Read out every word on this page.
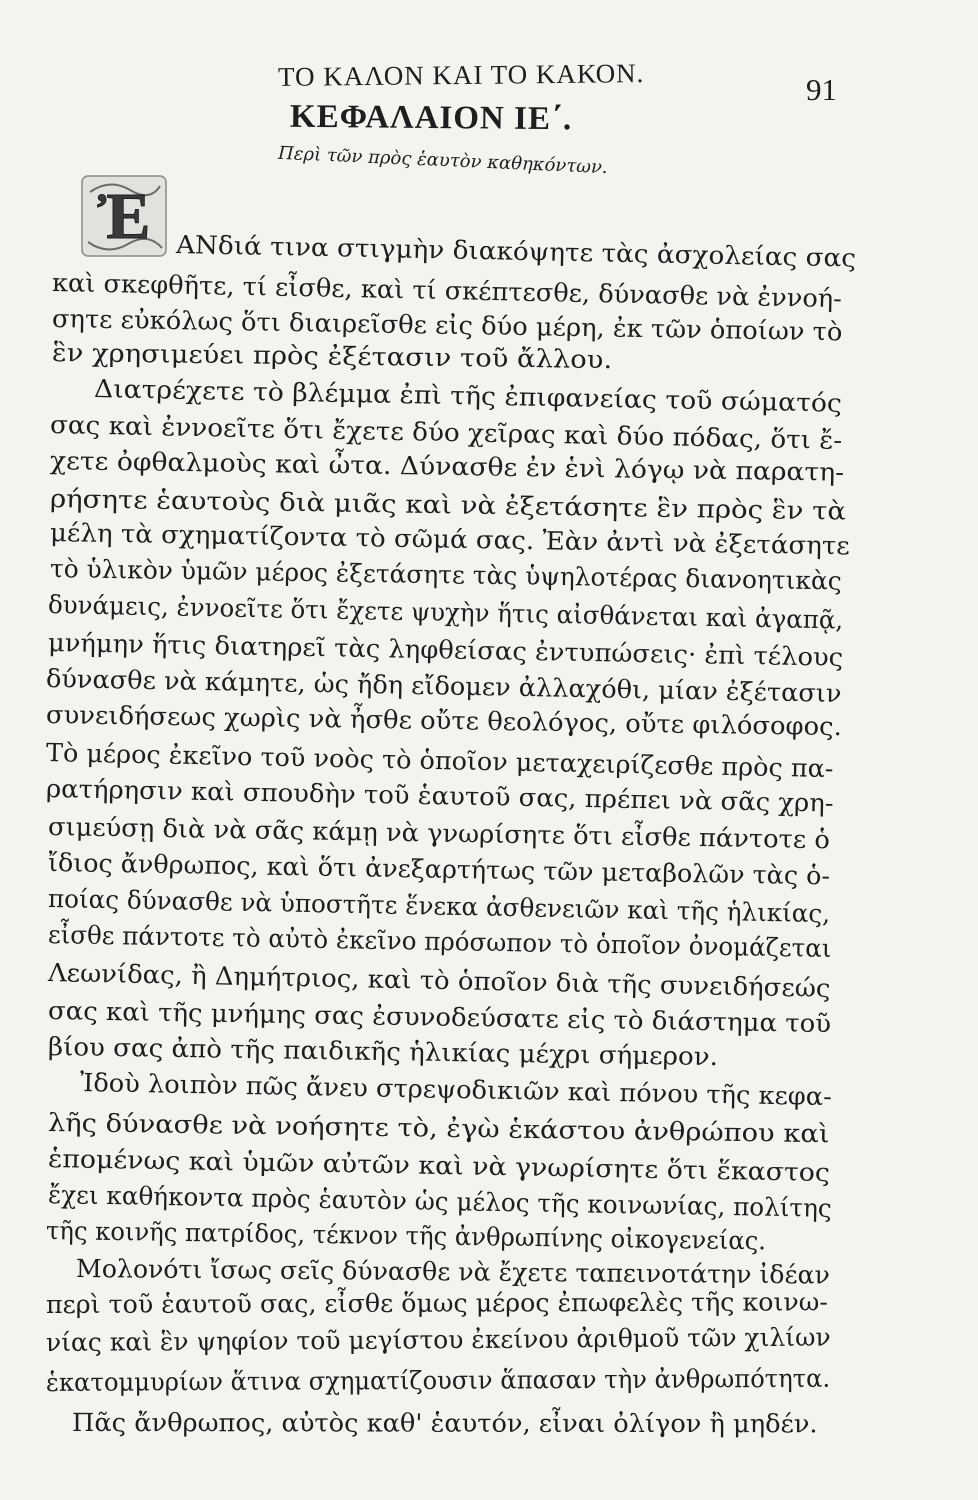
ΤΟ ΚΑΛΟΝ ΚΑΙ ΤΟ ΚΑΚΟΝ.	91
ΚΕΦΑΛΑΙΟΝ ΙΕ΄.
Περὶ τῶν πρὸς ἑαυτὸν καθηκόντων.
Ἐ ΑΝδιά τινα στιγμὴν διακόψητε τὰς ἀσχολείας σας
καὶ σκεφθῆτε, τί εἶσθε, καὶ τί σκέπτεσθε, δύνασθε νὰ ἐννοή-
σητε εὐκόλως ὅτι διαιρεῖσθε εἰς δύο μέρη, ἐκ τῶν ὁποίων τὸ
ἓν χρησιμεύει πρὸς ἐξέτασιν τοῦ ἄλλου.
Διατρέχετε τὸ βλέμμα ἐπὶ τῆς ἐπιφανείας τοῦ σώματός
σας καὶ ἐννοεῖτε ὅτι ἔχετε δύο χεῖρας καὶ δύο πόδας, ὅτι ἔ-
χετε ὀφθαλμοὺς καὶ ὦτα. Δύνασθε ἐν ἑνὶ λόγῳ νὰ παρατη-
ρήσητε ἑαυτοὺς διὰ μιᾶς καὶ νὰ ἐξετάσητε ἓν πρὸς ἓν τὰ
μέλη τὰ σχηματίζοντα τὸ σῶμά σας. Ἐὰν ἀντὶ νὰ ἐξετάσητε
τὸ ὑλικὸν ὑμῶν μέρος ἐξετάσητε τὰς ὑψηλοτέρας διανοητικὰς
δυνάμεις, ἐννοεῖτε ὅτι ἔχετε ψυχὴν ἥτις αἰσθάνεται καὶ ἀγαπᾷ,
μνήμην ἥτις διατηρεῖ τὰς ληφθείσας ἐντυπώσεις· ἐπὶ τέλους
δύνασθε νὰ κάμητε, ὡς ἤδη εἴδομεν ἀλλαχόθι, μίαν ἐξέτασιν
συνειδήσεως χωρὶς νὰ ἦσθε οὔτε θεολόγος, οὔτε φιλόσοφος.
Τὸ μέρος ἐκεῖνο τοῦ νοὸς τὸ ὁποῖον μεταχειρίζεσθε πρὸς πα-
ρατήρησιν καὶ σπουδὴν τοῦ ἑαυτοῦ σας, πρέπει νὰ σᾶς χρη-
σιμεύσῃ διὰ νὰ σᾶς κάμῃ νὰ γνωρίσητε ὅτι εἶσθε πάντοτε ὁ
ἴδιος ἄνθρωπος, καὶ ὅτι ἀνεξαρτήτως τῶν μεταβολῶν τὰς ὁ-
ποίας δύνασθε νὰ ὑποστῆτε ἕνεκα ἀσθενειῶν καὶ τῆς ἡλικίας,
εἶσθε πάντοτε τὸ αὐτὸ ἐκεῖνο πρόσωπον τὸ ὁποῖον ὀνομάζεται
Λεωνίδας, ἢ Δημήτριος, καὶ τὸ ὁποῖον διὰ τῆς συνειδήσεώς
σας καὶ τῆς μνήμης σας ἐσυνοδεύσατε εἰς τὸ διάστημα τοῦ
βίου σας ἀπὸ τῆς παιδικῆς ἡλικίας μέχρι σήμερον.
Ἰδοὺ λοιπὸν πῶς ἄνευ στρεψοδικιῶν καὶ πόνου τῆς κεφα-
λῆς δύνασθε νὰ νοήσητε τὸ, ἐγὼ ἑκάστου ἀνθρώπου καὶ
ἑπομένως καὶ ὑμῶν αὐτῶν καὶ νὰ γνωρίσητε ὅτι ἕκαστος
ἔχει καθήκοντα πρὸς ἑαυτὸν ὡς μέλος τῆς κοινωνίας, πολίτης
τῆς κοινῆς πατρίδος, τέκνον τῆς ἀνθρωπίνης οἰκογενείας.
Μολονότι ἴσως σεῖς δύνασθε νὰ ἔχετε ταπεινοτάτην ἰδέαν
περὶ τοῦ ἑαυτοῦ σας, εἶσθε ὅμως μέρος ἐπωφελὲς τῆς κοινω-
νίας καὶ ἓν ψηφίον τοῦ μεγίστου ἐκείνου ἀριθμοῦ τῶν χιλίων
ἑκατομμυρίων ἅτινα σχηματίζουσιν ἅπασαν τὴν ἀνθρωπότητα.
Πᾶς ἄνθρωπος, αὐτὸς καθ' ἑαυτόν, εἶναι ὀλίγον ἢ μηδέν.
